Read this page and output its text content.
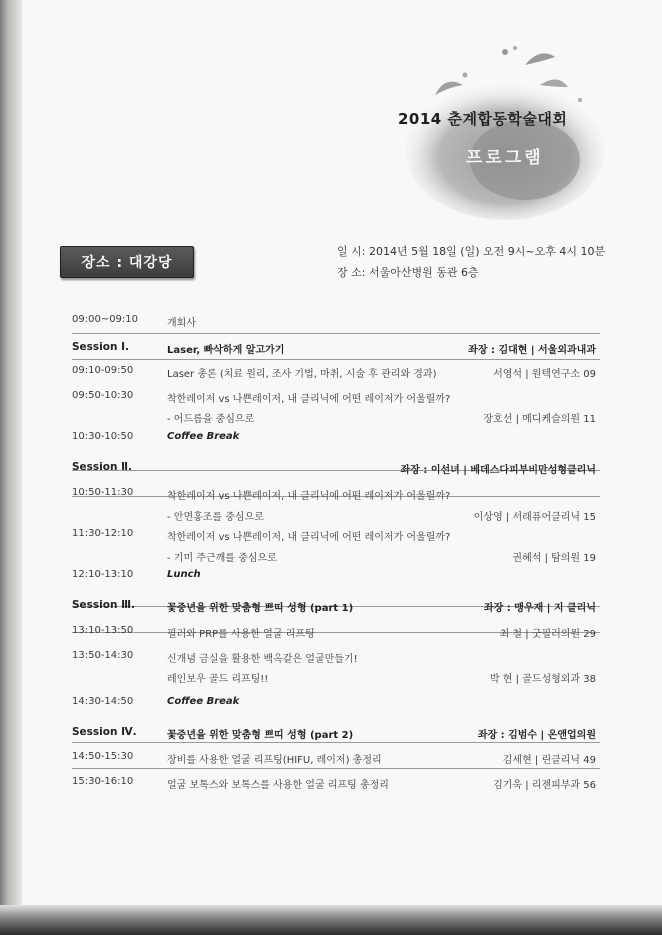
2014 춘계합동학술대회
프로그램
장소 : 대강당
일 시: 2014년 5월 18일 (일) 오전 9시~오후 4시 10분
장 소: 서울아산병원 동관 6층
09:00~09:10	개회사
Session Ⅰ.	Laser, 빠삭하게 알고가기	좌장 : 김대현 | 서울외과내과
09:10-09:50	Laser 총론 (치료 원리, 조사 기법, 마취, 시술 후 관리와 경과)	서영석 | 원텍연구소 09
09:50-10:30	착한레이저 vs 나쁜레이저, 내 클리닉에 어떤 레이저가 어울릴까?
- 어드름을 중심으로	장호선 | 메디케슬의원 11
10:30-10:50	Coffee Break
Session Ⅱ.	좌장 : 이선녀 | 베데스다피부비만성형클리닉
10:50-11:30	착한레이저 vs 나쁜레이저, 내 클리닉에 어떤 레이저가 어울릴까?
- 안면홍조를 중심으로	이상영 | 서래퓨어클리닉 15
11:30-12:10	착한레이저 vs 나쁜레이저, 내 클리닉에 어떤 레이저가 어울릴까?
- 기미 주근깨를 중심으로	권혜석 | 탐의원 19
12:10-13:10	Lunch
Session Ⅲ.	꽃중년을 위한 맞춤형 쁘띠 성형 (part 1)	좌장 : 맹우재 | 지 클리닉
13:10-13:50	필러와 PRP를 사용한 얼굴 리프팅	최 철 | 굿필러의원 29
13:50-14:30	신개념 금실을 활용한 백옥같은 얼굴만들기!
레인보우 골드 리프팅!!	박 현 | 골드성형외과 38
14:30-14:50	Coffee Break
Session Ⅳ.	꽃중년을 위한 맞춤형 쁘띠 성형 (part 2)	좌장 : 김범수 | 온앤업의원
14:50-15:30	장비를 사용한 얼굴 리프팅(HIFU, 레이저) 총정리	김세현 | 린클리닉 49
15:30-16:10	얼굴 보톡스와 보톡스를 사용한 얼굴 리프팅 총정리	김기욱 | 리젠피부과 56
